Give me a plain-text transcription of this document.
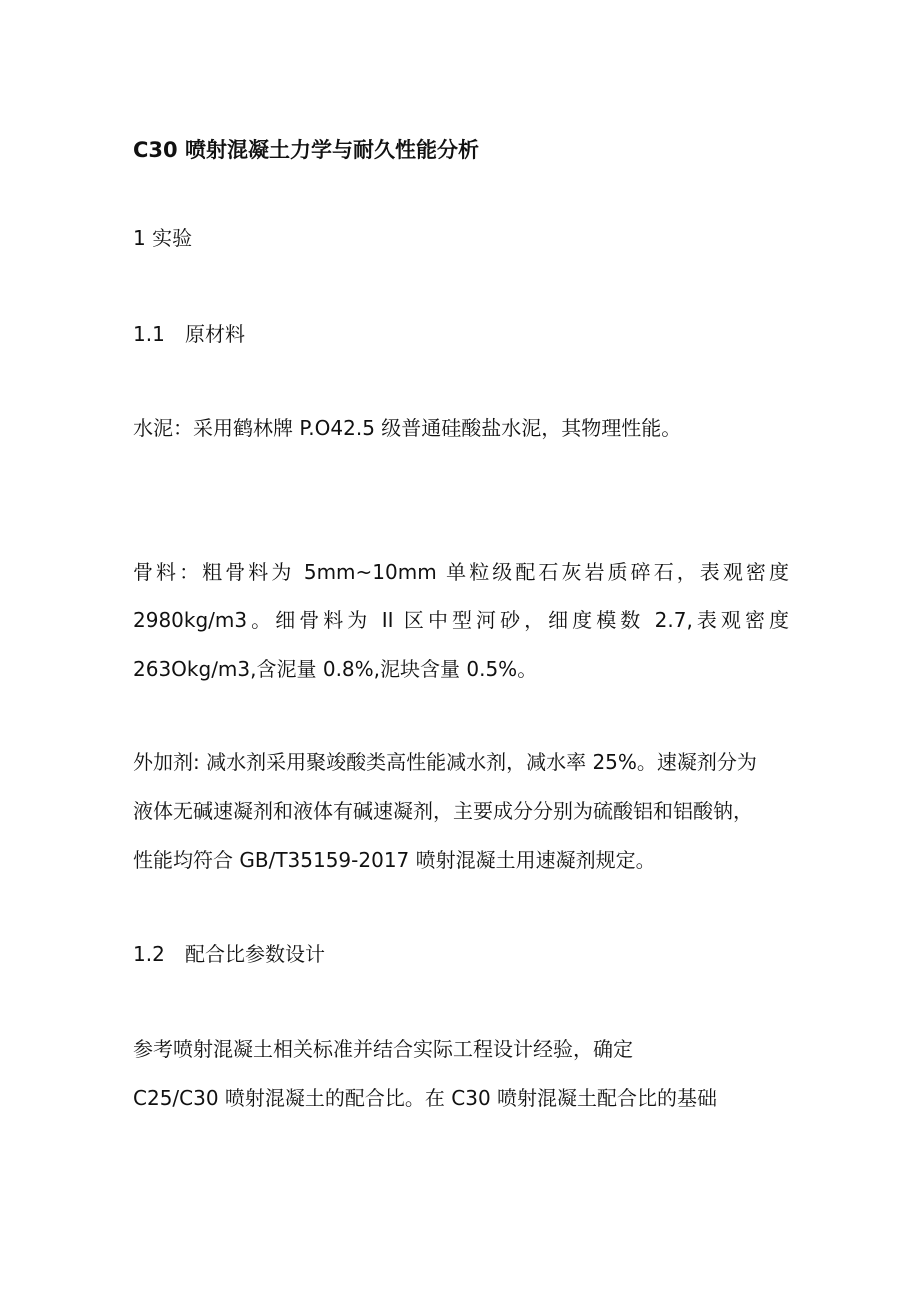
C30 喷射混凝土力学与耐久性能分析
1 实验
1.1 原材料
水泥：采用鹤林牌 P.O42.5 级普通硅酸盐水泥，其物理性能。
骨料：粗骨料为 5mm~10mm 单粒级配石灰岩质碎石，表观密度
2980kg/m3。细骨料为 II 区中型河砂，细度模数 2.7,表观密度
263Okg∕m3,含泥量 0.8%,泥块含量 0.5%。
外加剂: 减水剂采用聚竣酸类高性能减水剂，减水率 25%。速凝剂分为
液体无碱速凝剂和液体有碱速凝剂，主要成分分别为硫酸铝和铝酸钠，
性能均符合 GB/T35159-2017 喷射混凝土用速凝剂规定。
1.2 配合比参数设计
参考喷射混凝土相关标准并结合实际工程设计经验，确定
C25/C30 喷射混凝土的配合比。在 C30 喷射混凝土配合比的基础
